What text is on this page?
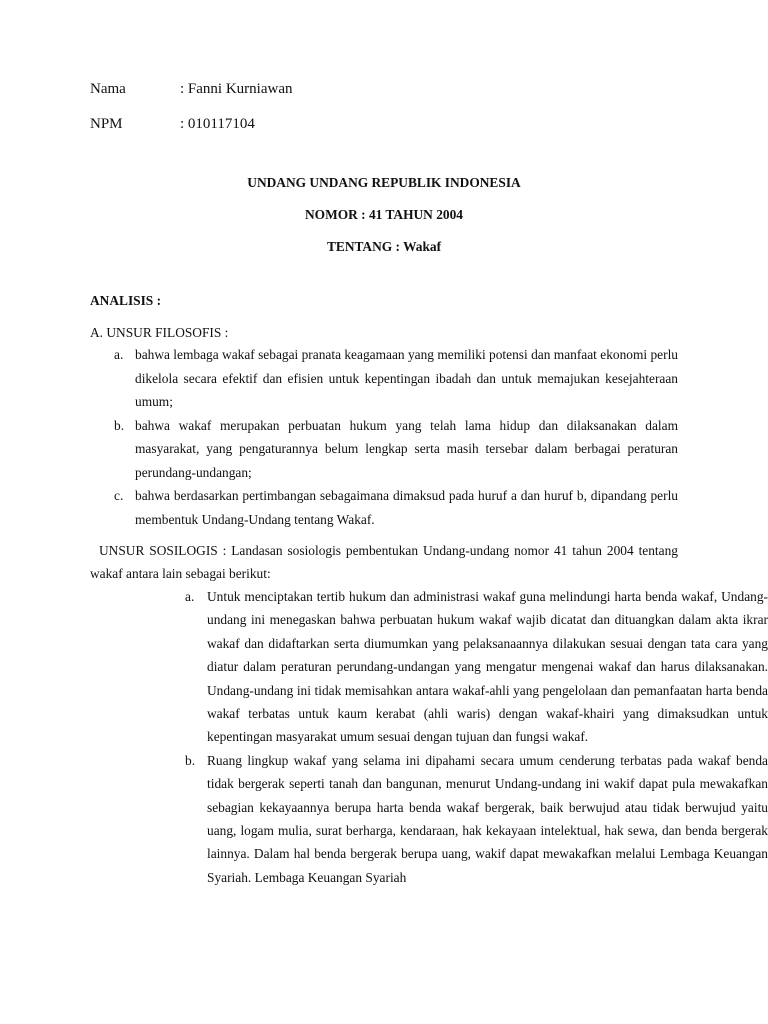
Nama	: Fanni Kurniawan
NPM	: 010117104
UNDANG UNDANG REPUBLIK INDONESIA
NOMOR : 41 TAHUN 2004
TENTANG : Wakaf
ANALISIS :
A. UNSUR FILOSOFIS :
a. bahwa lembaga wakaf sebagai pranata keagamaan yang memiliki potensi dan manfaat ekonomi perlu dikelola secara efektif dan efisien untuk kepentingan ibadah dan untuk memajukan kesejahteraan umum;
b. bahwa wakaf merupakan perbuatan hukum yang telah lama hidup dan dilaksanakan dalam masyarakat, yang pengaturannya belum lengkap serta masih tersebar dalam berbagai peraturan perundang-undangan;
c. bahwa berdasarkan pertimbangan sebagaimana dimaksud pada huruf a dan huruf b, dipandang perlu membentuk Undang-Undang tentang Wakaf.
UNSUR SOSILOGIS : Landasan sosiologis pembentukan Undang-undang nomor 41 tahun 2004 tentang wakaf antara lain sebagai berikut:
a. Untuk menciptakan tertib hukum dan administrasi wakaf guna melindungi harta benda wakaf, Undang-undang ini menegaskan bahwa perbuatan hukum wakaf wajib dicatat dan dituangkan dalam akta ikrar wakaf dan didaftarkan serta diumumkan yang pelaksanaannya dilakukan sesuai dengan tata cara yang diatur dalam peraturan perundang-undangan yang mengatur mengenai wakaf dan harus dilaksanakan. Undang-undang ini tidak memisahkan antara wakaf-ahli yang pengelolaan dan pemanfaatan harta benda wakaf terbatas untuk kaum kerabat (ahli waris) dengan wakaf-khairi yang dimaksudkan untuk kepentingan masyarakat umum sesuai dengan tujuan dan fungsi wakaf.
b. Ruang lingkup wakaf yang selama ini dipahami secara umum cenderung terbatas pada wakaf benda tidak bergerak seperti tanah dan bangunan, menurut Undang-undang ini wakif dapat pula mewakafkan sebagian kekayaannya berupa harta benda wakaf bergerak, baik berwujud atau tidak berwujud yaitu uang, logam mulia, surat berharga, kendaraan, hak kekayaan intelektual, hak sewa, dan benda bergerak lainnya. Dalam hal benda bergerak berupa uang, wakif dapat mewakafkan melalui Lembaga Keuangan Syariah. Lembaga Keuangan Syariah
